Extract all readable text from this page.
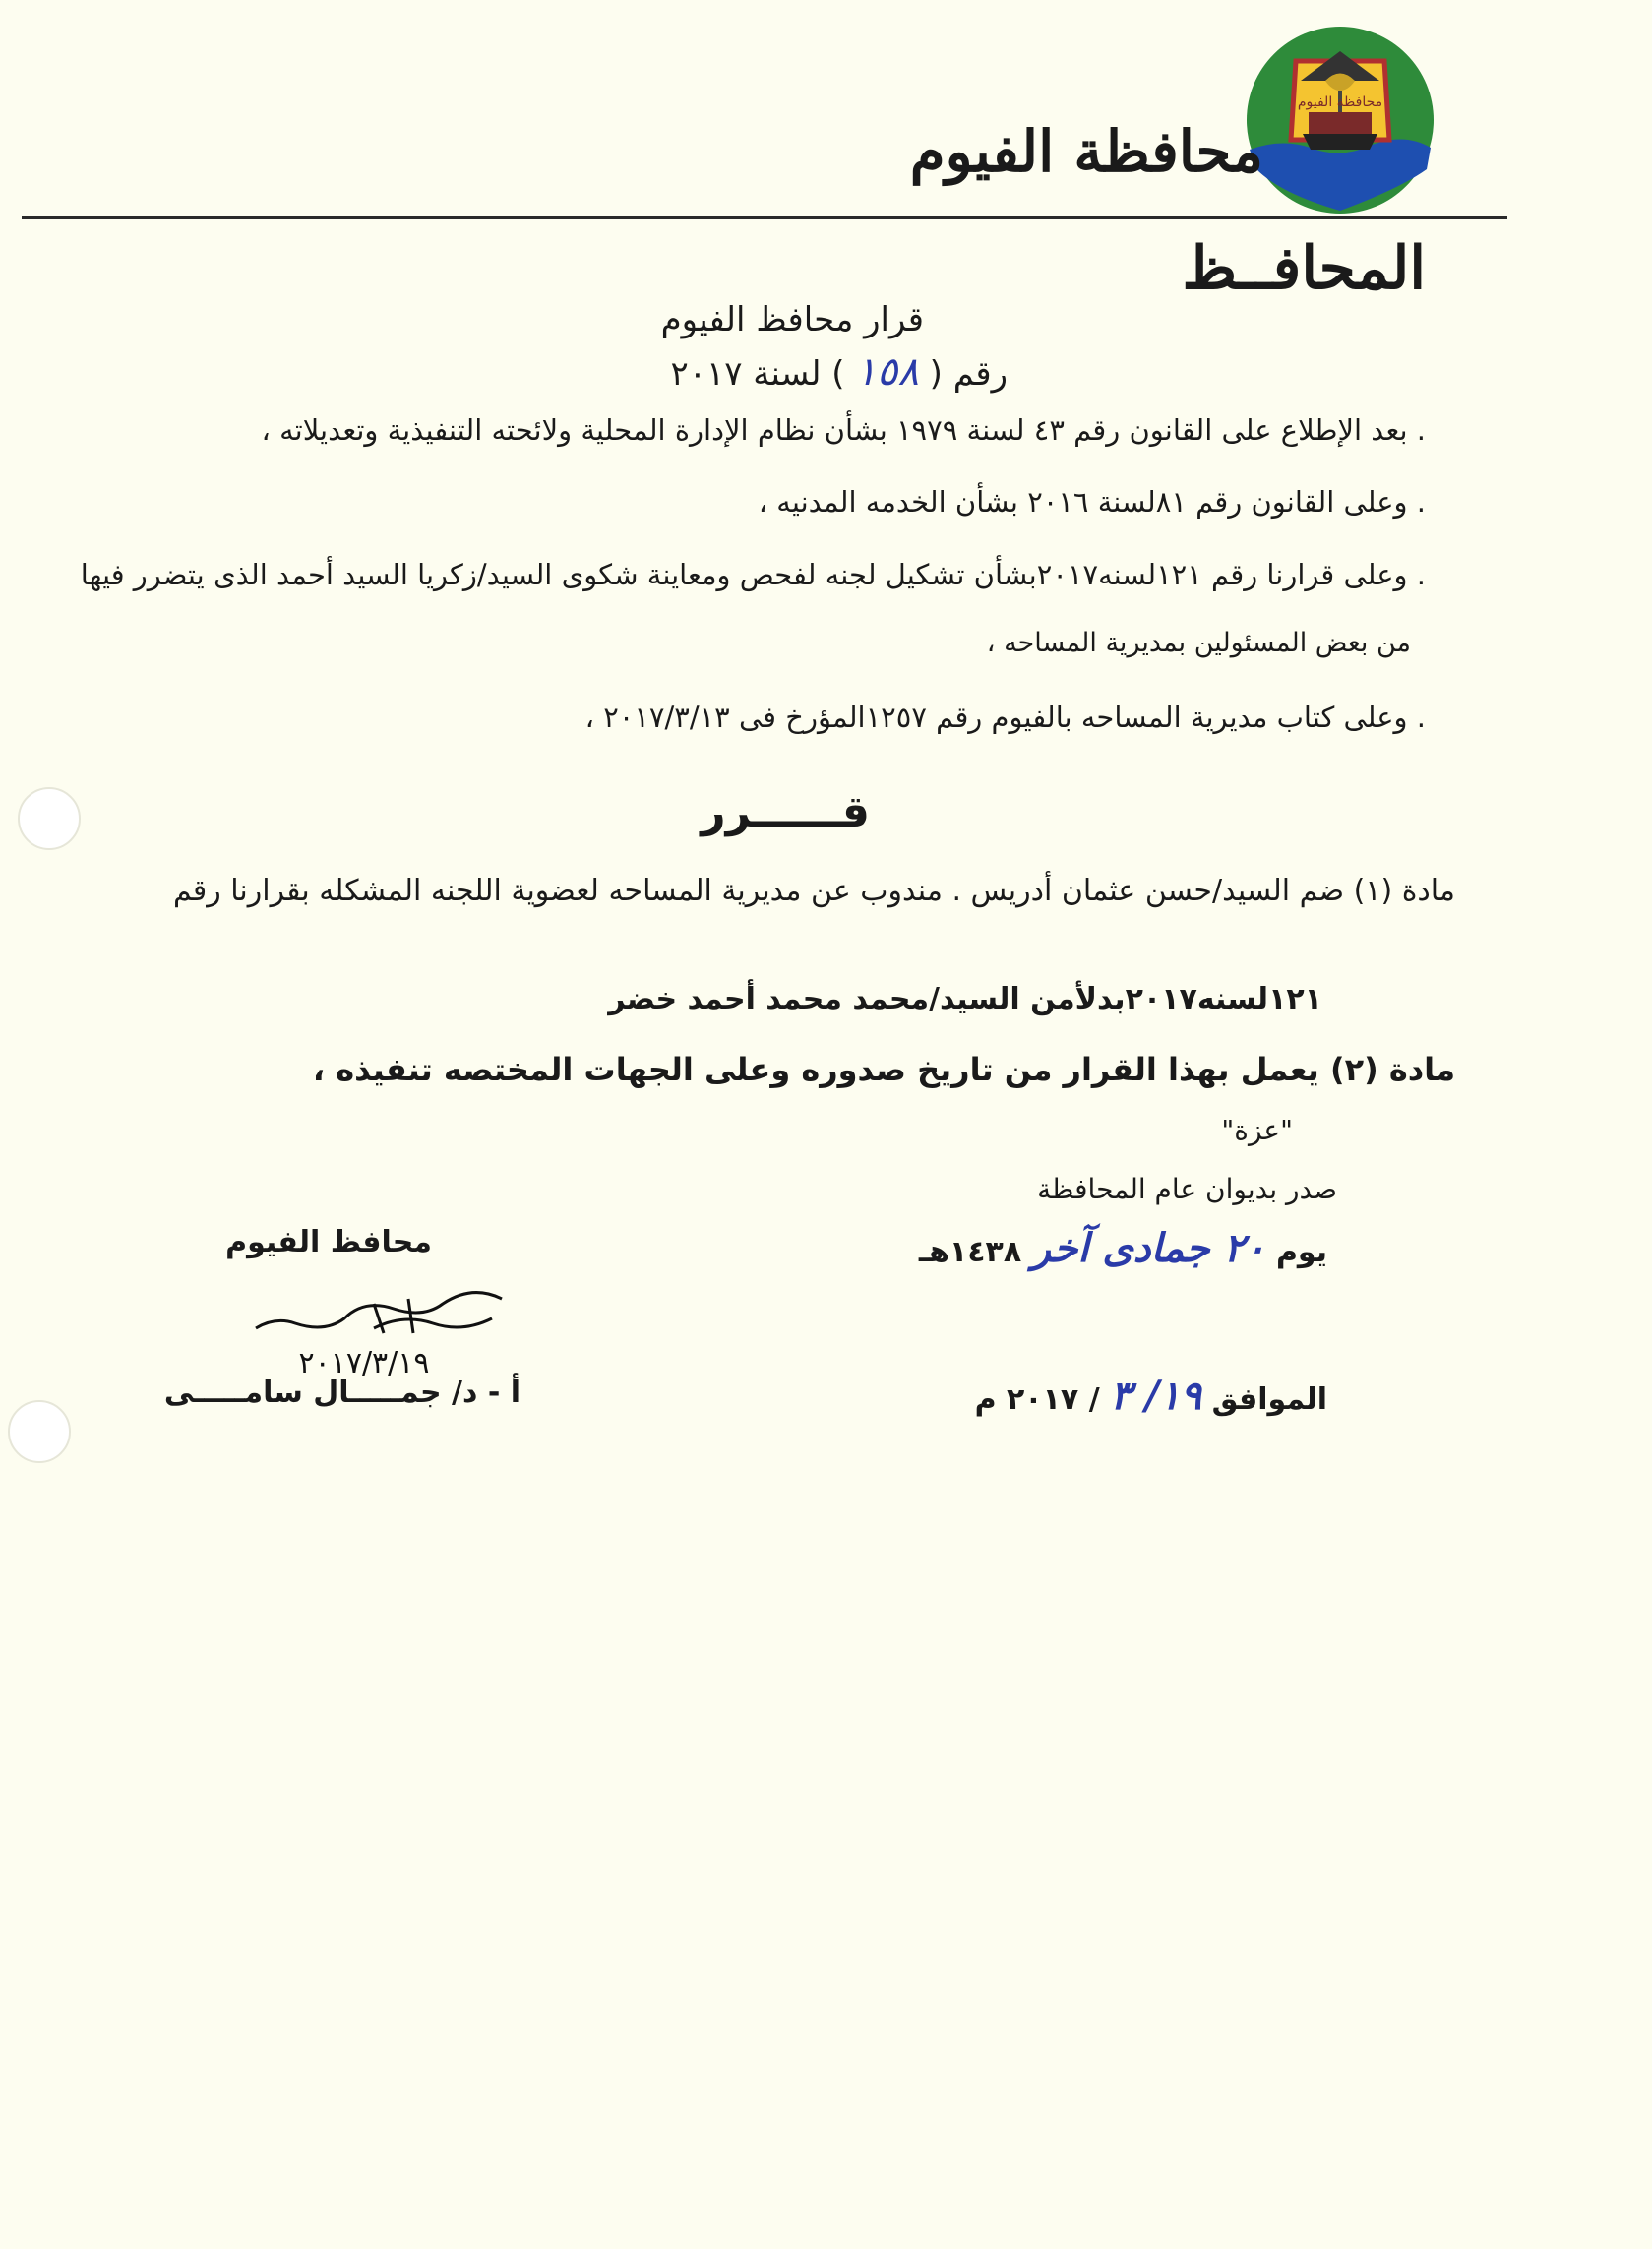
محافظة الفيوم
محافظة الفيوم
المحافــظ
قرار محافظ الفيوم
رقم ( ١٥٨ ) لسنة ٢٠١٧
. بعد الإطلاع على القانون رقم ٤٣ لسنة ١٩٧٩ بشأن نظام الإدارة المحلية ولائحته التنفيذية وتعديلاته ،
. وعلى القانون رقم ٨١لسنة ٢٠١٦ بشأن الخدمه المدنيه ،
. وعلى قرارنا رقم ١٢١لسنه٢٠١٧بشأن تشكيل لجنه لفحص ومعاينة شكوى السيد/زكريا السيد أحمد الذى يتضرر فيها
من بعض المسئولين بمديرية المساحه ،
. وعلى كتاب مديرية المساحه بالفيوم رقم ١٢٥٧المؤرخ فى ٢٠١٧/٣/١٣ ،
قــــــرر
مادة (١) ضم السيد/حسن عثمان أدريس . مندوب عن مديرية المساحه لعضوية اللجنه المشكله بقرارنا رقم
١٢١لسنه٢٠١٧بدلأمن السيد/محمد محمد أحمد خضر
مادة (٢) يعمل بهذا القرار من تاريخ صدوره وعلى الجهات المختصه تنفيذه ،
"عزة"
صدر بديوان عام المحافظة
يوم ٢٠ جمادى آخر ١٤٣٨هـ
الموافق ١٩/ ٣ / ٢٠١٧ م
محافظ الفيوم
٢٠١٧/٣/١٩
أ - د/ جمـــــال سامـــــى
